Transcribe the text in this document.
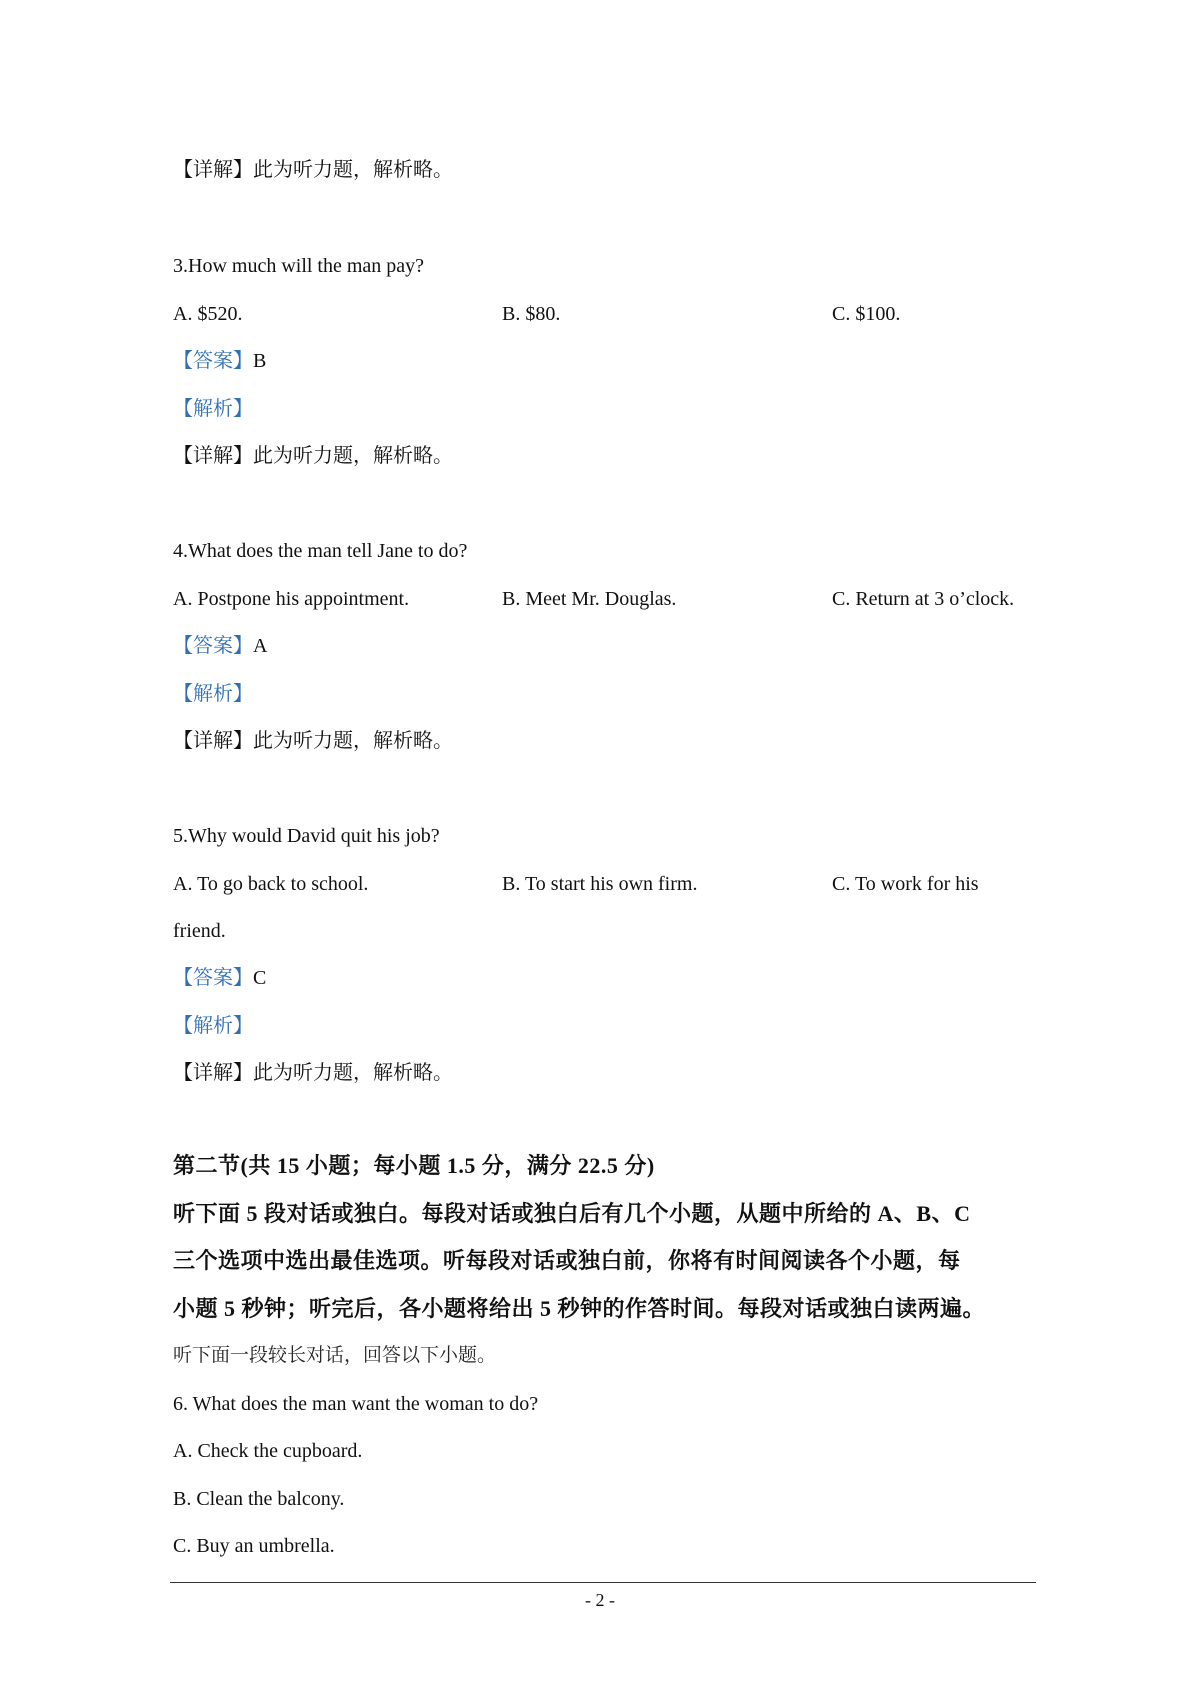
【详解】此为听力题，解析略。
3.How much will the man pay?
A. $520.	B. $80.	C. $100.
【答案】B
【解析】
【详解】此为听力题，解析略。
4.What does the man tell Jane to do?
A. Postpone his appointment.	B. Meet Mr. Douglas.	C. Return at 3 o’clock.
【答案】A
【解析】
【详解】此为听力题，解析略。
5.Why would David quit his job?
A. To go back to school.	B. To start his own firm.	C. To work for his
friend.
【答案】C
【解析】
【详解】此为听力题，解析略。
第二节(共 15 小题；每小题 1.5 分，满分 22.5 分)
听下面 5 段对话或独白。每段对话或独白后有几个小题，从题中所给的 A、B、C
三个选项中选出最佳选项。听每段对话或独白前，你将有时间阅读各个小题，每
小题 5 秒钟；听完后，各小题将给出 5 秒钟的作答时间。每段对话或独白读两遍。
听下面一段较长对话，回答以下小题。
6. What does the man want the woman to do?
A. Check the cupboard.
B. Clean the balcony.
C. Buy an umbrella.
- 2 -
